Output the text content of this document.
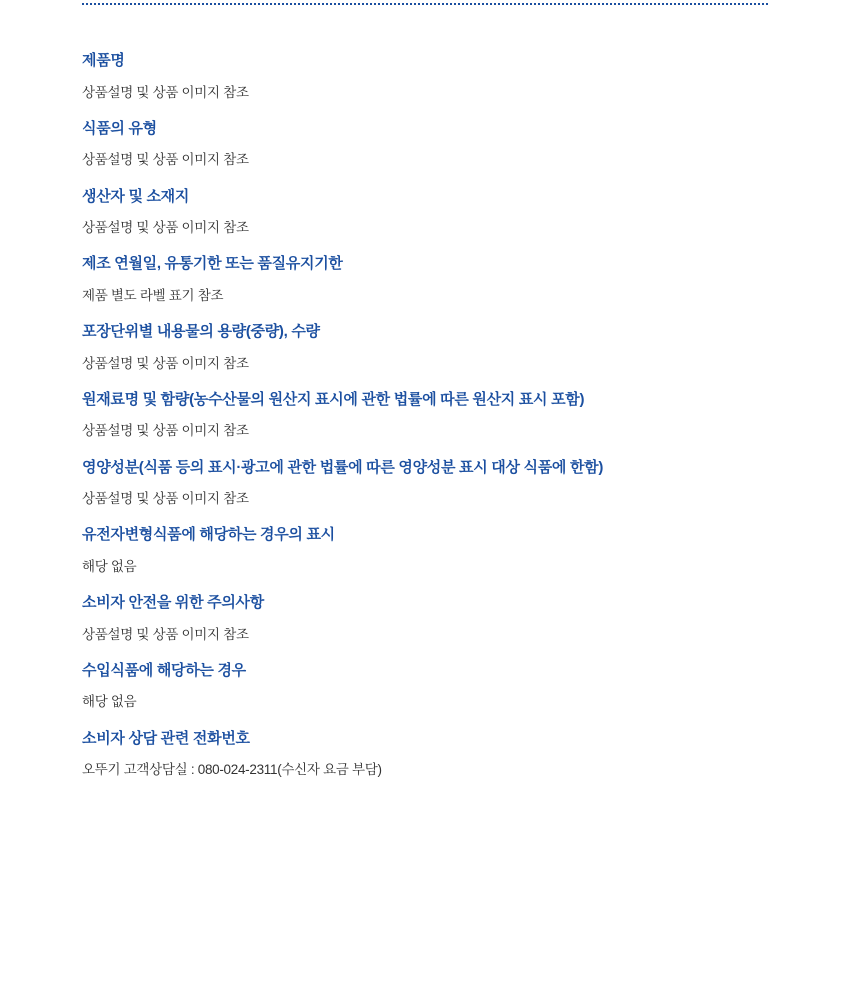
제품명
상품설명 및 상품 이미지 참조
식품의 유형
상품설명 및 상품 이미지 참조
생산자 및 소재지
상품설명 및 상품 이미지 참조
제조 연월일, 유통기한 또는 품질유지기한
제품 별도 라벨 표기 참조
포장단위별 내용물의 용량(중량), 수량
상품설명 및 상품 이미지 참조
원재료명 및 함량(농수산물의 원산지 표시에 관한 법률에 따른 원산지 표시 포함)
상품설명 및 상품 이미지 참조
영양성분(식품 등의 표시·광고에 관한 법률에 따른 영양성분 표시 대상 식품에 한함)
상품설명 및 상품 이미지 참조
유전자변형식품에 해당하는 경우의 표시
해당 없음
소비자 안전을 위한 주의사항
상품설명 및 상품 이미지 참조
수입식품에 해당하는 경우
해당 없음
소비자 상담 관련 전화번호
오뚜기 고객상담실 : 080-024-2311(수신자 요금 부담)
